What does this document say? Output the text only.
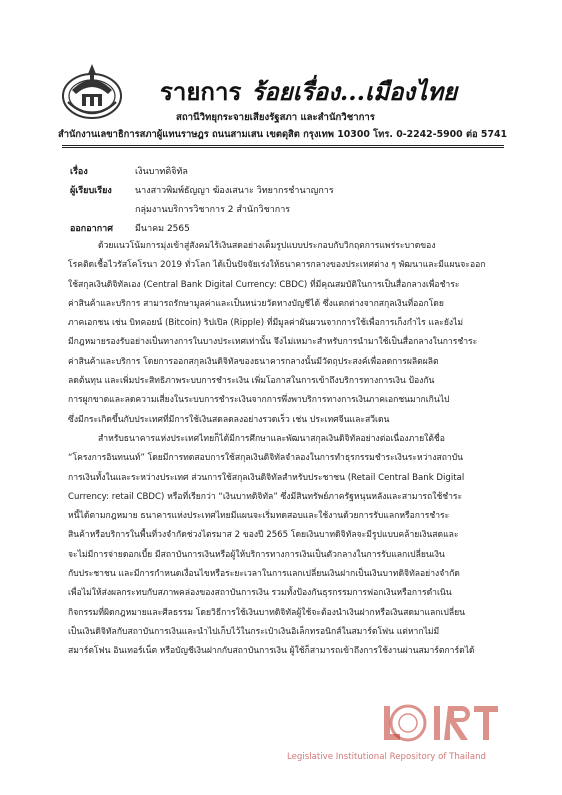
รายการ ร้อยเรื่อง...เมืองไทย
สถานีวิทยุกระจายเสียงรัฐสภา และสำนักวิชาการ
สำนักงานเลขาธิการสภาผู้แทนราษฎร ถนนสามเสน เขตดุสิต กรุงเทพ 10300 โทร. 0-2242-5900 ต่อ 5741
เรื่อง	เงินบาทดิจิทัล
ผู้เรียบเรียง	นางสาวพิมพ์ธัญญา ฆ้องเสนาะ วิทยากรชำนาญการ
กลุ่มงานบริการวิชาการ 2 สำนักวิชาการ
ออกอากาศ มีนาคม 2565
ด้วยแนวโน้มการมุ่งเข้าสู่สังคมไร้เงินสดอย่างเต็มรูปแบบประกอบกับวิกฤตการแพร่ระบาดของ
โรคติดเชื้อไวรัสโคโรนา 2019 ทั่วโลก ได้เป็นปัจจัยเร่งให้ธนาคารกลางของประเทศต่าง ๆ พัฒนาและมีแผนจะออก
ใช้สกุลเงินดิจิทัลเอง (Central Bank Digital Currency: CBDC) ที่มีคุณสมบัติในการเป็นสื่อกลางเพื่อชำระ
ค่าสินค้าและบริการ สามารถรักษามูลค่าและเป็นหน่วยวัดทางบัญชีได้ ซึ่งแตกต่างจากสกุลเงินที่ออกโดย
ภาคเอกชน เช่น บิทคอยน์ (Bitcoin) ริปเปิล (Ripple) ที่มีมูลค่าผันผวนจากการใช้เพื่อการเก็งกำไร และยังไม่
มีกฎหมายรองรับอย่างเป็นทางการในบางประเทศเท่านั้น จึงไม่เหมาะสำหรับการนำมาใช้เป็นสื่อกลางในการชำระ
ค่าสินค้าและบริการ โดยการออกสกุลเงินดิจิทัลของธนาคารกลางนั้นมีวัตถุประสงค์เพื่อลดการผลิตผลิต
ลดต้นทุน และเพิ่มประสิทธิภาพระบบการชำระเงิน เพิ่มโอกาสในการเข้าถึงบริการทางการเงิน ป้องกัน
การผูกขาดและลดความเสี่ยงในระบบการชำระเงินจากการพึ่งพาบริการทางการเงินภาคเอกชนมากเกินไป
ซึ่งมีกระเกิดขึ้นกับประเทศที่มีการใช้เงินสดลดลงอย่างรวดเร็ว เช่น ประเทศจีนและสวีเดน
สำหรับธนาคารแห่งประเทศไทยก็ได้มีการศึกษาและพัฒนาสกุลเงินดิจิทัลอย่างต่อเนื่องภายใต้ชื่อ
“โครงการอินทนนท์” โดยมีการทดสอบการใช้สกุลเงินดิจิทัลจำลองในการทำธุรกรรมชำระเงินระหว่างสถาบัน
การเงินทั้งในและระหว่างประเทศ ส่วนการใช้สกุลเงินดิจิทัลสำหรับประชาชน (Retail Central Bank Digital
Currency: retail CBDC) หรือที่เรียกว่า “เงินบาทดิจิทัล” ซึ่งมีสินทรัพย์ภาครัฐหนุนหลังและสามารถใช้ชำระ
หนี้ได้ตามกฎหมาย ธนาคารแห่งประเทศไทยมีแผนจะเริ่มทดสอบและใช้งานด้วยการรับแลกหรือการชำระ
สินค้าหรือบริการในพื้นที่วงจำกัดช่วงไตรมาส 2 ของปี 2565 โดยเงินบาทดิจิทัลจะมีรูปแบบคล้ายเงินสดและ
จะไม่มีการจ่ายดอกเบี้ย มีสถาบันการเงินหรือผู้ให้บริการทางการเงินเป็นตัวกลางในการรับแลกเปลี่ยนเงิน
กับประชาชน และมีการกำหนดเงื่อนไขหรือระยะเวลาในการแลกเปลี่ยนเงินฝากเป็นเงินบาทดิจิทัลอย่างจำกัด
เพื่อไม่ให้ส่งผลกระทบกับสภาพคล่องของสถาบันการเงิน รวมทั้งป้องกันธุรกรรมการฟอกเงินหรือการดำเนิน
กิจกรรมที่ผิดกฎหมายและศีลธรรม โดยวิธีการใช้เงินบาทดิจิทัลผู้ใช้จะต้องนำเงินฝากหรือเงินสดมาแลกเปลี่ยน
เป็นเงินดิจิทัลกับสถาบันการเงินและนำไปเก็บไว้ในกระเป๋าเงินอิเล็กทรอนิกส์ในสมาร์ตโฟน แต่หากไม่มี
สมาร์ตโฟน อินเทอร์เน็ต หรือบัญชีเงินฝากกับสถาบันการเงิน ผู้ใช้ก็สามารถเข้าถึงการใช้งานผ่านสมาร์ตการ์ดได้
Legislative Institutional Repository of Thailand
